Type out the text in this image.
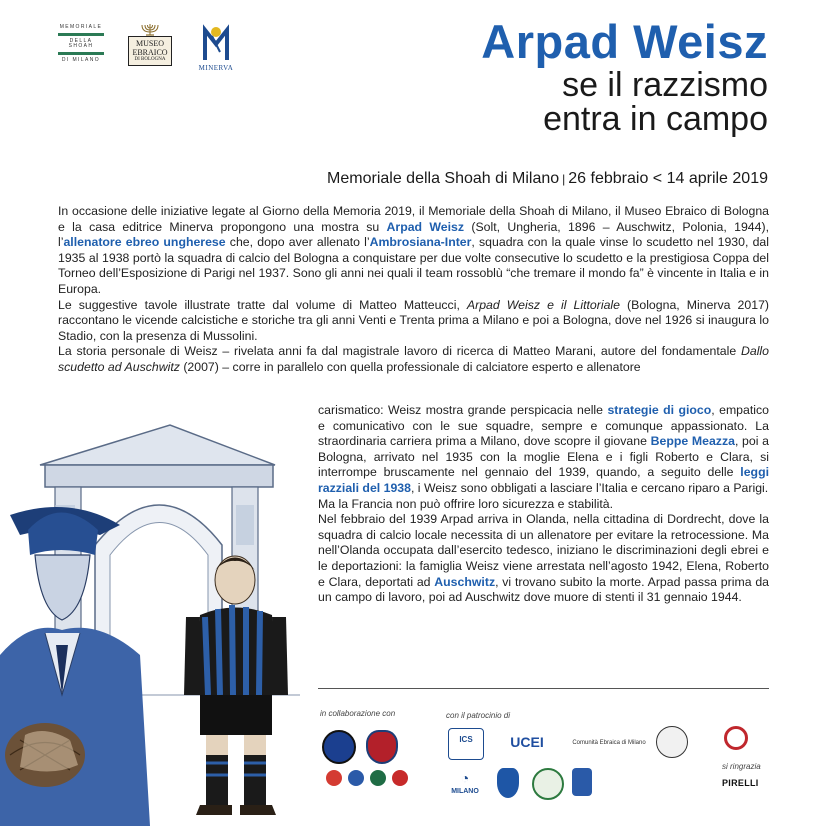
MEMORIALE
DELLA SHOAH
DI MILANO
MUSEO
EBRAICO
DI BOLOGNA
MINERVA	Arpad Weisz
se il razzismo
entra in campo
Memoriale della Shoah di Milano | 26 febbraio < 14 aprile 2019

In occasione delle iniziative legate al Giorno della Memoria 2019, il Memoriale della Shoah di Milano, il Museo Ebraico di Bologna e la casa editrice Minerva propongono una mostra su Arpad Weisz (Solt, Ungheria, 1896 – Auschwitz, Polonia, 1944), l’allenatore ebreo ungherese che, dopo aver allenato l’Ambrosiana-Inter, squadra con la quale vinse lo scudetto nel 1930, dal 1935 al 1938 portò la squadra di calcio del Bologna a conquistare per due volte consecutive lo scudetto e la prestigiosa Coppa del Torneo dell’Esposizione di Parigi nel 1937. Sono gli anni nei quali il team rossoblù “che tremare il mondo fa” è vincente in Italia e in Europa.

Le suggestive tavole illustrate tratte dal volume di Matteo Matteucci, Arpad Weisz e il Littoriale (Bologna, Minerva 2017) raccontano le vicende calcistiche e storiche tra gli anni Venti e Trenta prima a Milano e poi a Bologna, dove nel 1926 si inaugura lo Stadio, con la presenza di Mussolini.

La storia personale di Weisz – rivelata anni fa dal magistrale lavoro di ricerca di Matteo Marani, autore del fondamentale Dallo scudetto ad Auschwitz (2007) – corre in parallelo con quella professionale di calciatore esperto e allenatore

carismatico: Weisz mostra grande perspicacia nelle strategie di gioco, empatico e comunicativo con le sue squadre, sempre e comunque appassionato. La straordinaria carriera prima a Milano, dove scopre il giovane Beppe Meazza, poi a Bologna, arrivato nel 1935 con la moglie Elena e i figli Roberto e Clara, si interrompe bruscamente nel gennaio del 1939, quando, a seguito delle leggi razziali del 1938, i Weisz sono obbligati a lasciare l’Italia e cercano riparo a Parigi.

Ma la Francia non può offrire loro sicurezza e stabilità.

Nel febbraio del 1939 Arpad arriva in Olanda, nella cittadina di Dordrecht, dove la squadra di calcio locale necessita di un allenatore per evitare la retrocessione. Ma nell’Olanda occupata dall’esercito tedesco, iniziano le discriminazioni degli ebrei e le deportazioni: la famiglia Weisz viene arrestata nell’agosto 1942, Elena, Roberto e Clara, deportati ad Auschwitz, vi trovano subito la morte. Arpad passa prima da un campo di lavoro, poi ad Auschwitz dove muore di stenti il 31 gennaio 1944.

in collaborazione con	con il patrocinio di
si ringrazia
PIRELLI
ICS	UCEI	Comunità Ebraica di Milano
◔
MILANO
